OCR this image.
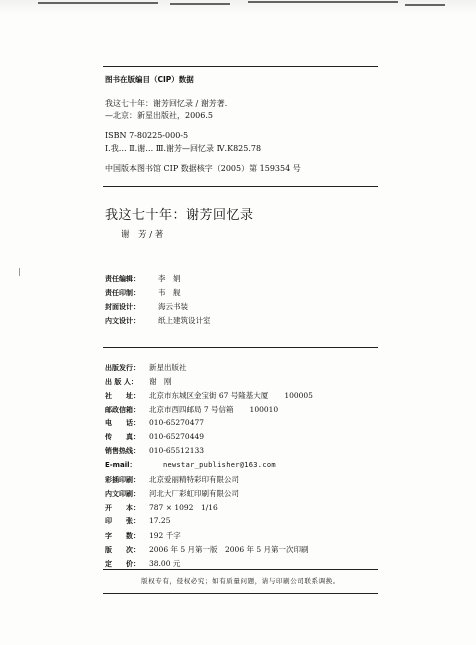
图书在版编目（CIP）数据

我这七十年：谢芳回忆录 / 谢芳著.

—北京：新星出版社，2006.5

ISBN 7-80225-000-5

Ⅰ.我… Ⅱ.谢… Ⅲ.谢芳—回忆录 Ⅳ.K825.78

中国版本图书馆 CIP 数据核字（2005）第 159354 号

我这七十年：谢芳回忆录

谢　芳 / 著

责任编辑：	李　娟
责任印制：	韦　舰
封面设计：	海云书装
内文设计：	纸上建筑设计室
出版发行：	新星出版社
出 版 人：	谢　刚
社　　址：	北京市东城区金宝街 67 号隆基大厦 100005
邮政信箱：	北京市西四邮局 7 号信箱 100010
电　　话：	010-65270477
传　　真：	010-65270449
销售热线：	010-65512133
E-mail：	newstar_publisher@163.com
彩插印刷：	北京爱丽精特彩印有限公司
内文印刷：	河北大厂彩虹印刷有限公司
开　　本：	787 × 1092　1/16
印　　张：	17.25
字　　数：	192 千字
版　　次：	2006 年 5 月第一版　2006 年 5 月第一次印刷
定　　价：	38.00 元

版权专有，侵权必究；如有质量问题，请与印刷公司联系调换。
